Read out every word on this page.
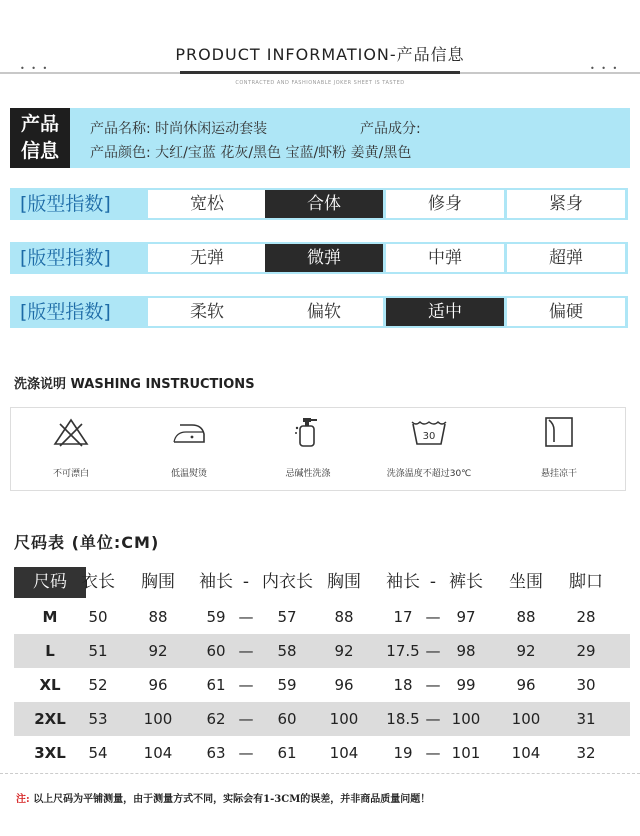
PRODUCT INFORMATION-产品信息
• • •	• • •
CONTRACTED AND FASHIONABLE JOKER SHEET IS TASTED
产品
信息
产品名称: 时尚休闲运动套装	产品成分:
产品颜色: 大红/宝蓝 花灰/黑色 宝蓝/虾粉 姜黄/黑色
[版型指数]	宽松	合体	修身	紧身
[版型指数]	无弹	微弹	中弹	超弹
[版型指数]	柔软	偏软	适中	偏硬
洗涤说明 WASHING INSTRUCTIONS
不可漂白	低温熨烫	忌碱性洗涤
30
洗涤温度不超过30℃	悬挂凉干
尺码表 (单位:CM)
尺码 衣长	胸围	袖长 - 内衣长 胸围	袖长 - 裤长	坐围	脚口
M	50	88	59 —	57	88	17 —	97	88	28
L	51	92	60 —	58	92	17.5 —	98	92	29
XL	52	96	61 —	59	96	18 —	99	96	30
2XL	53	100	62 —	60	100	18.5 — 100	100	31
3XL	54	104	63 —	61	104	19 — 101	104	32
注: 以上尺码为平铺测量，由于测量方式不同，实际会有1-3CM的误差，并非商品质量问题！
